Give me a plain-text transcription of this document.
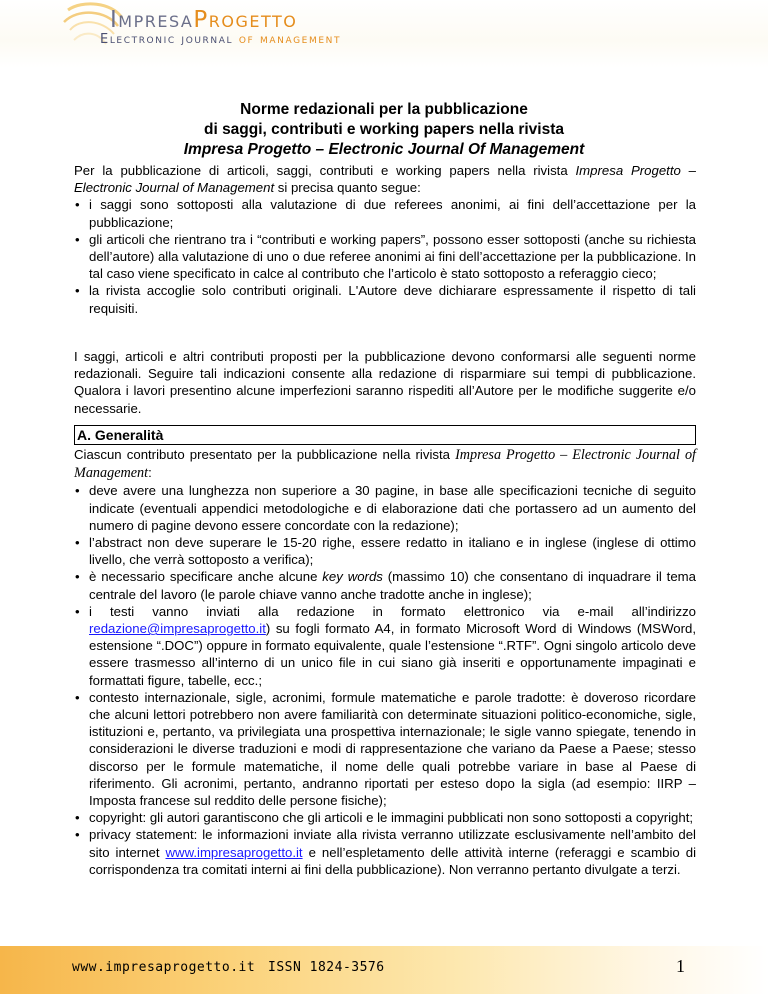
ImpresaProgetto
Electronic journal of management
Norme redazionali per la pubblicazione
di saggi, contributi e working papers nella rivista
Impresa Progetto – Electronic Journal Of Management
Per la pubblicazione di articoli, saggi, contributi e working papers nella rivista Impresa Progetto – Electronic Journal of Management si precisa quanto segue:
• i saggi sono sottoposti alla valutazione di due referees anonimi, ai fini dell’accettazione per la pubblicazione;
• gli articoli che rientrano tra i “contributi e working papers”, possono esser sottoposti (anche su richiesta dell’autore) alla valutazione di uno o due referee anonimi ai fini dell’accettazione per la pubblicazione. In tal caso viene specificato in calce al contributo che l’articolo è stato sottoposto a referaggio cieco;
• la rivista accoglie solo contributi originali. L'Autore deve dichiarare espressamente il rispetto di tali requisiti.
I saggi, articoli e altri contributi proposti per la pubblicazione devono conformarsi alle seguenti norme redazionali. Seguire tali indicazioni consente alla redazione di risparmiare sui tempi di pubblicazione. Qualora i lavori presentino alcune imperfezioni saranno rispediti all’Autore per le modifiche suggerite e/o necessarie.
A. Generalità
Ciascun contributo presentato per la pubblicazione nella rivista Impresa Progetto – Electronic Journal of Management:
• deve avere una lunghezza non superiore a 30 pagine, in base alle specificazioni tecniche di seguito indicate (eventuali appendici metodologiche e di elaborazione dati che portassero ad un aumento del numero di pagine devono essere concordate con la redazione);
• l’abstract non deve superare le 15-20 righe, essere redatto in italiano e in inglese (inglese di ottimo livello, che verrà sottoposto a verifica);
• è necessario specificare anche alcune key words (massimo 10) che consentano di inquadrare il tema centrale del lavoro (le parole chiave vanno anche tradotte anche in inglese);
• i testi vanno inviati alla redazione in formato elettronico via e-mail all’indirizzo redazione@impresaprogetto.it) su fogli formato A4, in formato Microsoft Word di Windows (MSWord, estensione “.DOC”) oppure in formato equivalente, quale l’estensione “.RTF”. Ogni singolo articolo deve essere trasmesso all’interno di un unico file in cui siano già inseriti e opportunamente impaginati e formattati figure, tabelle, ecc.;
• contesto internazionale, sigle, acronimi, formule matematiche e parole tradotte: è doveroso ricordare che alcuni lettori potrebbero non avere familiarità con determinate situazioni politico-economiche, sigle, istituzioni e, pertanto, va privilegiata una prospettiva internazionale; le sigle vanno spiegate, tenendo in considerazioni le diverse traduzioni e modi di rappresentazione che variano da Paese a Paese; stesso discorso per le formule matematiche, il nome delle quali potrebbe variare in base al Paese di riferimento. Gli acronimi, pertanto, andranno riportati per esteso dopo la sigla (ad esempio: IIRP – Imposta francese sul reddito delle persone fisiche);
• copyright: gli autori garantiscono che gli articoli e le immagini pubblicati non sono sottoposti a copyright;
• privacy statement: le informazioni inviate alla rivista verranno utilizzate esclusivamente nell’ambito del sito internet www.impresaprogetto.it e nell’espletamento delle attività interne (referaggi e scambio di corrispondenza tra comitati interni ai fini della pubblicazione). Non verranno pertanto divulgate a terzi.
www.impresaprogetto.it ISSN 1824-3576	1
